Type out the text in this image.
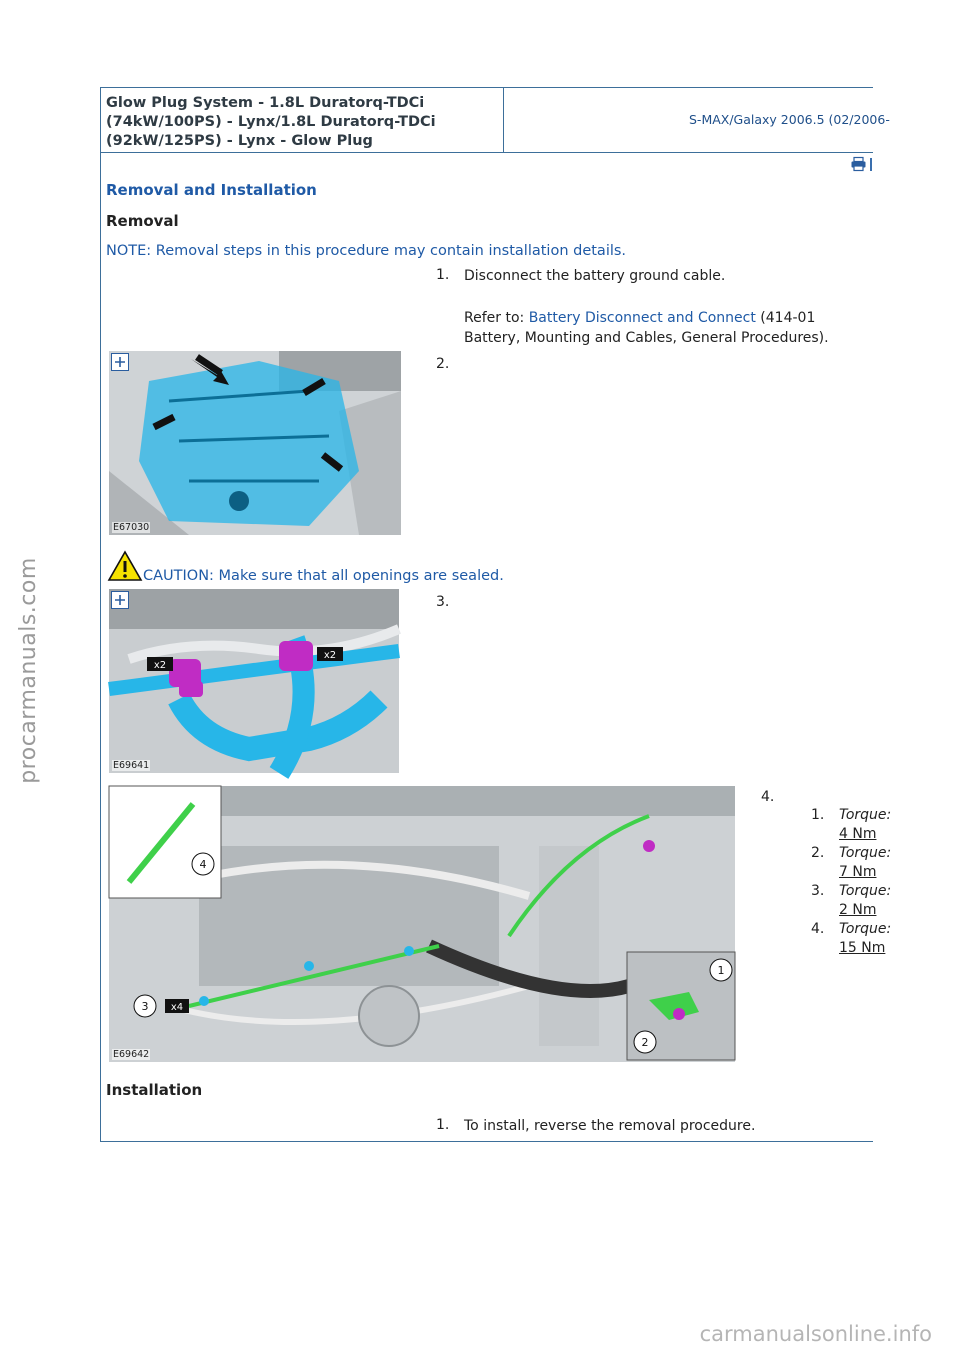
procarmanuals.com
carmanualsonline.info
Glow Plug System - 1.8L Duratorq-TDCi
(74kW/100PS) - Lynx/1.8L Duratorq-TDCi
(92kW/125PS) - Lynx - Glow Plug
S-MAX/Galaxy 2006.5 (02/2006-
Removal and Installation
Removal
NOTE: Removal steps in this procedure may contain installation details.
1. Disconnect the battery ground cable.
Refer to: Battery Disconnect and Connect (414-01
Battery, Mounting and Cables, General Procedures).
E67030
2.
CAUTION: Make sure that all openings are sealed.
x2
x2
E69641
3.
4.
4
3 x4
1
2
E69642
1. Torque:
4 Nm
2. Torque:
7 Nm
3. Torque:
2 Nm
4. Torque:
15 Nm
Installation
1. To install, reverse the removal procedure.
